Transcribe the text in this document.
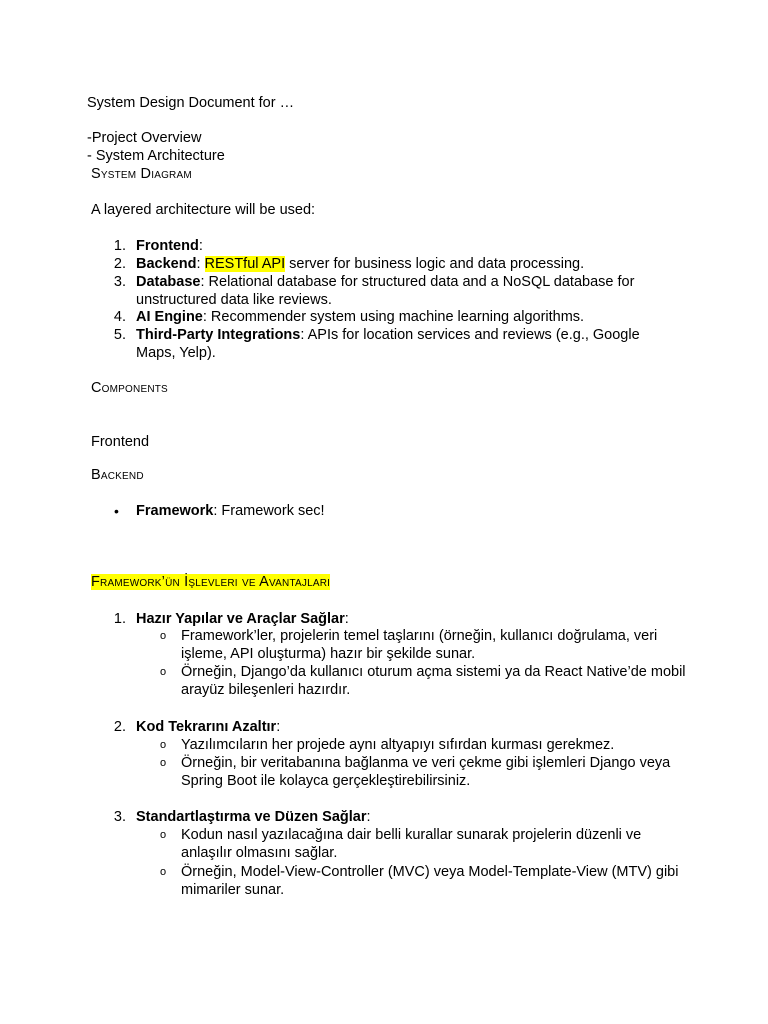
System Design Document for …
-Project Overview
- System Architecture
System Diagram
A layered architecture will be used:
1. Frontend:
2. Backend: RESTful API server for business logic and data processing.
3. Database: Relational database for structured data and a NoSQL database for unstructured data like reviews.
4. AI Engine: Recommender system using machine learning algorithms.
5. Third-Party Integrations: APIs for location services and reviews (e.g., Google Maps, Yelp).
Components
Frontend
Backend
• Framework: Framework sec!
Framework’ün İşlevleri ve Avantajları
1. Hazır Yapılar ve Araçlar Sağlar:
o Framework’ler, projelerin temel taşlarını (örneğin, kullanıcı doğrulama, veri işleme, API oluşturma) hazır bir şekilde sunar.
o Örneğin, Django’da kullanıcı oturum açma sistemi ya da React Native’de mobil arayüz bileşenleri hazırdır.
2. Kod Tekrarını Azaltır:
o Yazılımcıların her projede aynı altyapıyı sıfırdan kurması gerekmez.
o Örneğin, bir veritabanına bağlanma ve veri çekme gibi işlemleri Django veya Spring Boot ile kolayca gerçekleştirebilirsiniz.
3. Standartlaştırma ve Düzen Sağlar:
o Kodun nasıl yazılacağına dair belli kurallar sunarak projelerin düzenli ve anlaşılır olmasını sağlar.
o Örneğin, Model-View-Controller (MVC) veya Model-Template-View (MTV) gibi mimariler sunar.
